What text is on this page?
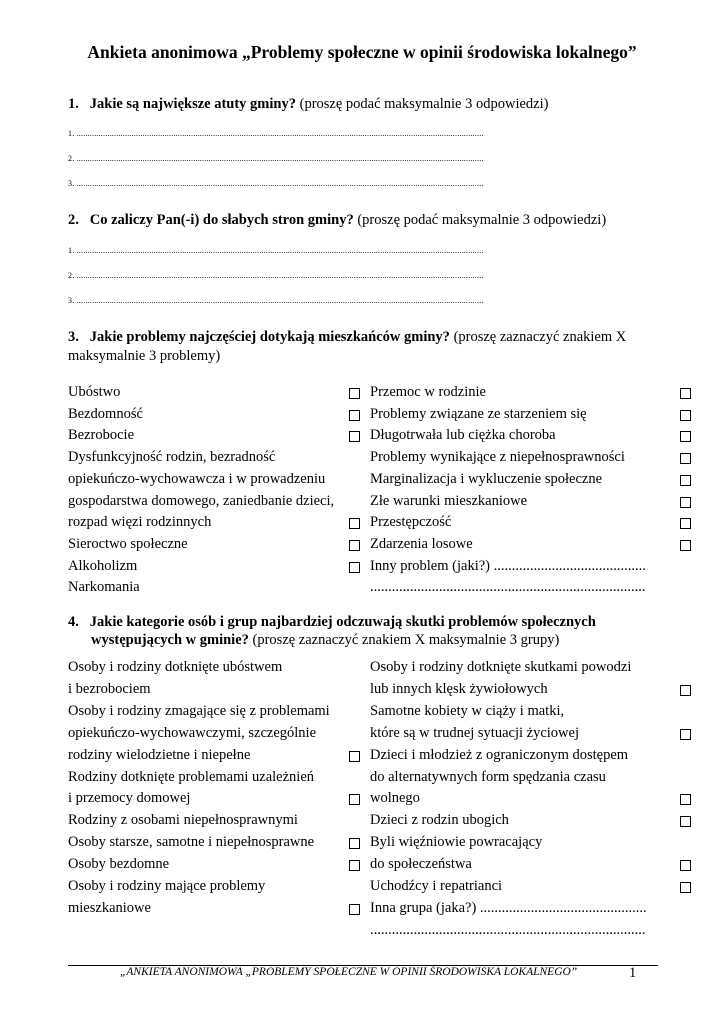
Ankieta anonimowa „Problemy społeczne w opinii środowiska lokalnego”
1. Jakie są największe atuty gminy? (proszę podać maksymalnie 3 odpowiedzi)
1. .........................................................................................................................................................................................
2. .........................................................................................................................................................................................
3. .........................................................................................................................................................................................
2. Co zaliczy Pan(-i) do słabych stron gminy? (proszę podać maksymalnie 3 odpowiedzi)
1. .........................................................................................................................................................................................
2. .........................................................................................................................................................................................
3. .........................................................................................................................................................................................
3. Jakie problemy najczęściej dotykają mieszkańców gminy? (proszę zaznaczyć znakiem X
maksymalnie 3 problemy)
Ubóstwo
Bezdomność
Bezrobocie
Dysfunkcyjność rodzin, bezradność
opiekuńczo-wychowawcza i w prowadzeniu
gospodarstwa domowego, zaniedbanie dzieci,
rozpad więzi rodzinnych
Sieroctwo społeczne
Alkoholizm
Narkomania
Przemoc w rodzinie
Problemy związane ze starzeniem się
Długotrwała lub ciężka choroba
Problemy wynikające z niepełnosprawności
Marginalizacja i wykluczenie społeczne
Złe warunki mieszkaniowe
Przestępczość
Zdarzenia losowe
Inny problem (jaki?) ..........................................
............................................................................
4. Jakie kategorie osób i grup najbardziej odczuwają skutki problemów społecznych
występujących w gminie? (proszę zaznaczyć znakiem X maksymalnie 3 grupy)
Osoby i rodziny dotknięte ubóstwem
i bezrobociem
Osoby i rodziny zmagające się z problemami
opiekuńczo-wychowawczymi, szczególnie
rodziny wielodzietne i niepełne
Rodziny dotknięte problemami uzależnień
i przemocy domowej
Rodziny z osobami niepełnosprawnymi
Osoby starsze, samotne i niepełnosprawne
Osoby bezdomne
Osoby i rodziny mające problemy
mieszkaniowe
Osoby i rodziny dotknięte skutkami powodzi
lub innych klęsk żywiołowych
Samotne kobiety w ciąży i matki,
które są w trudnej sytuacji życiowej
Dzieci i młodzież z ograniczonym dostępem
do alternatywnych form spędzania czasu
wolnego
Dzieci z rodzin ubogich
Byli więźniowie powracający
do społeczeństwa
Uchodźcy i repatrianci
Inna grupa (jaka?) ..............................................
............................................................................
„ANKIETA ANONIMOWA „PROBLEMY SPOŁECZNE W OPINII ŚRODOWISKA LOKALNEGO”	1
